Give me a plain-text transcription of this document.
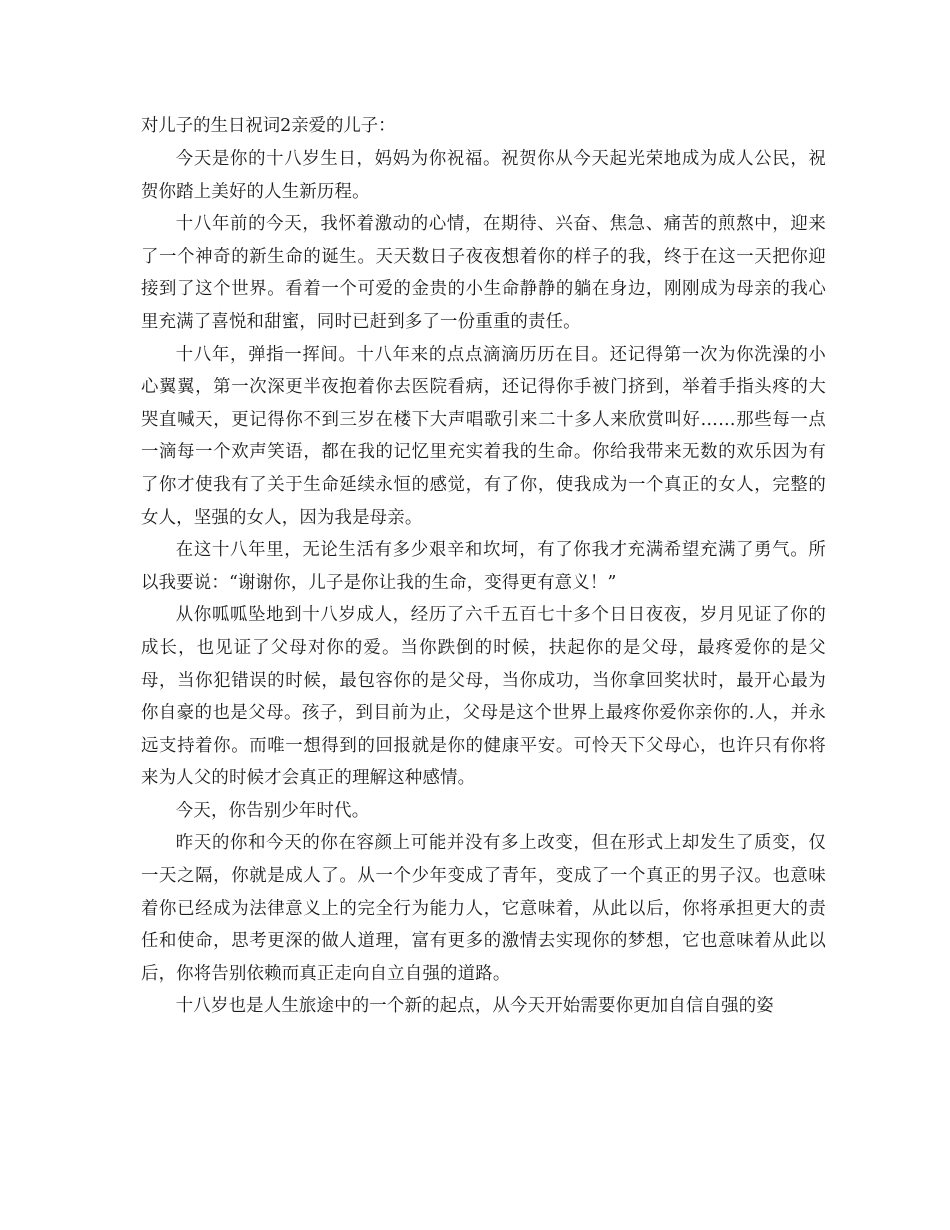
对儿子的生日祝词2亲爱的儿子：

今天是你的十八岁生日，妈妈为你祝福。祝贺你从今天起光荣地成为成人公民，祝贺你踏上美好的人生新历程。

十八年前的今天，我怀着激动的心情，在期待、兴奋、焦急、痛苦的煎熬中，迎来了一个神奇的新生命的诞生。天天数日子夜夜想着你的样子的我，终于在这一天把你迎接到了这个世界。看着一个可爱的金贵的小生命静静的躺在身边，刚刚成为母亲的我心里充满了喜悦和甜蜜，同时已赶到多了一份重重的责任。

十八年，弹指一挥间。十八年来的点点滴滴历历在目。还记得第一次为你洗澡的小心翼翼，第一次深更半夜抱着你去医院看病，还记得你手被门挤到，举着手指头疼的大哭直喊天，更记得你不到三岁在楼下大声唱歌引来二十多人来欣赏叫好……那些每一点一滴每一个欢声笑语，都在我的记忆里充实着我的生命。你给我带来无数的欢乐因为有了你才使我有了关于生命延续永恒的感觉，有了你，使我成为一个真正的女人，完整的女人，坚强的女人，因为我是母亲。

在这十八年里，无论生活有多少艰辛和坎坷，有了你我才充满希望充满了勇气。所以我要说：“谢谢你，儿子是你让我的生命，变得更有意义！”

从你呱呱坠地到十八岁成人，经历了六千五百七十多个日日夜夜，岁月见证了你的成长，也见证了父母对你的爱。当你跌倒的时候，扶起你的是父母，最疼爱你的是父母，当你犯错误的时候，最包容你的是父母，当你成功，当你拿回奖状时，最开心最为你自豪的也是父母。孩子，到目前为止，父母是这个世界上最疼你爱你亲你的.人，并永远支持着你。而唯一想得到的回报就是你的健康平安。可怜天下父母心，也许只有你将来为人父的时候才会真正的理解这种感情。

今天，你告别少年时代。

昨天的你和今天的你在容颜上可能并没有多上改变，但在形式上却发生了质变，仅一天之隔，你就是成人了。从一个少年变成了青年，变成了一个真正的男子汉。也意味着你已经成为法律意义上的完全行为能力人，它意味着，从此以后，你将承担更大的责任和使命，思考更深的做人道理，富有更多的激情去实现你的梦想，它也意味着从此以后，你将告别依赖而真正走向自立自强的道路。

十八岁也是人生旅途中的一个新的起点，从今天开始需要你更加自信自强的姿
